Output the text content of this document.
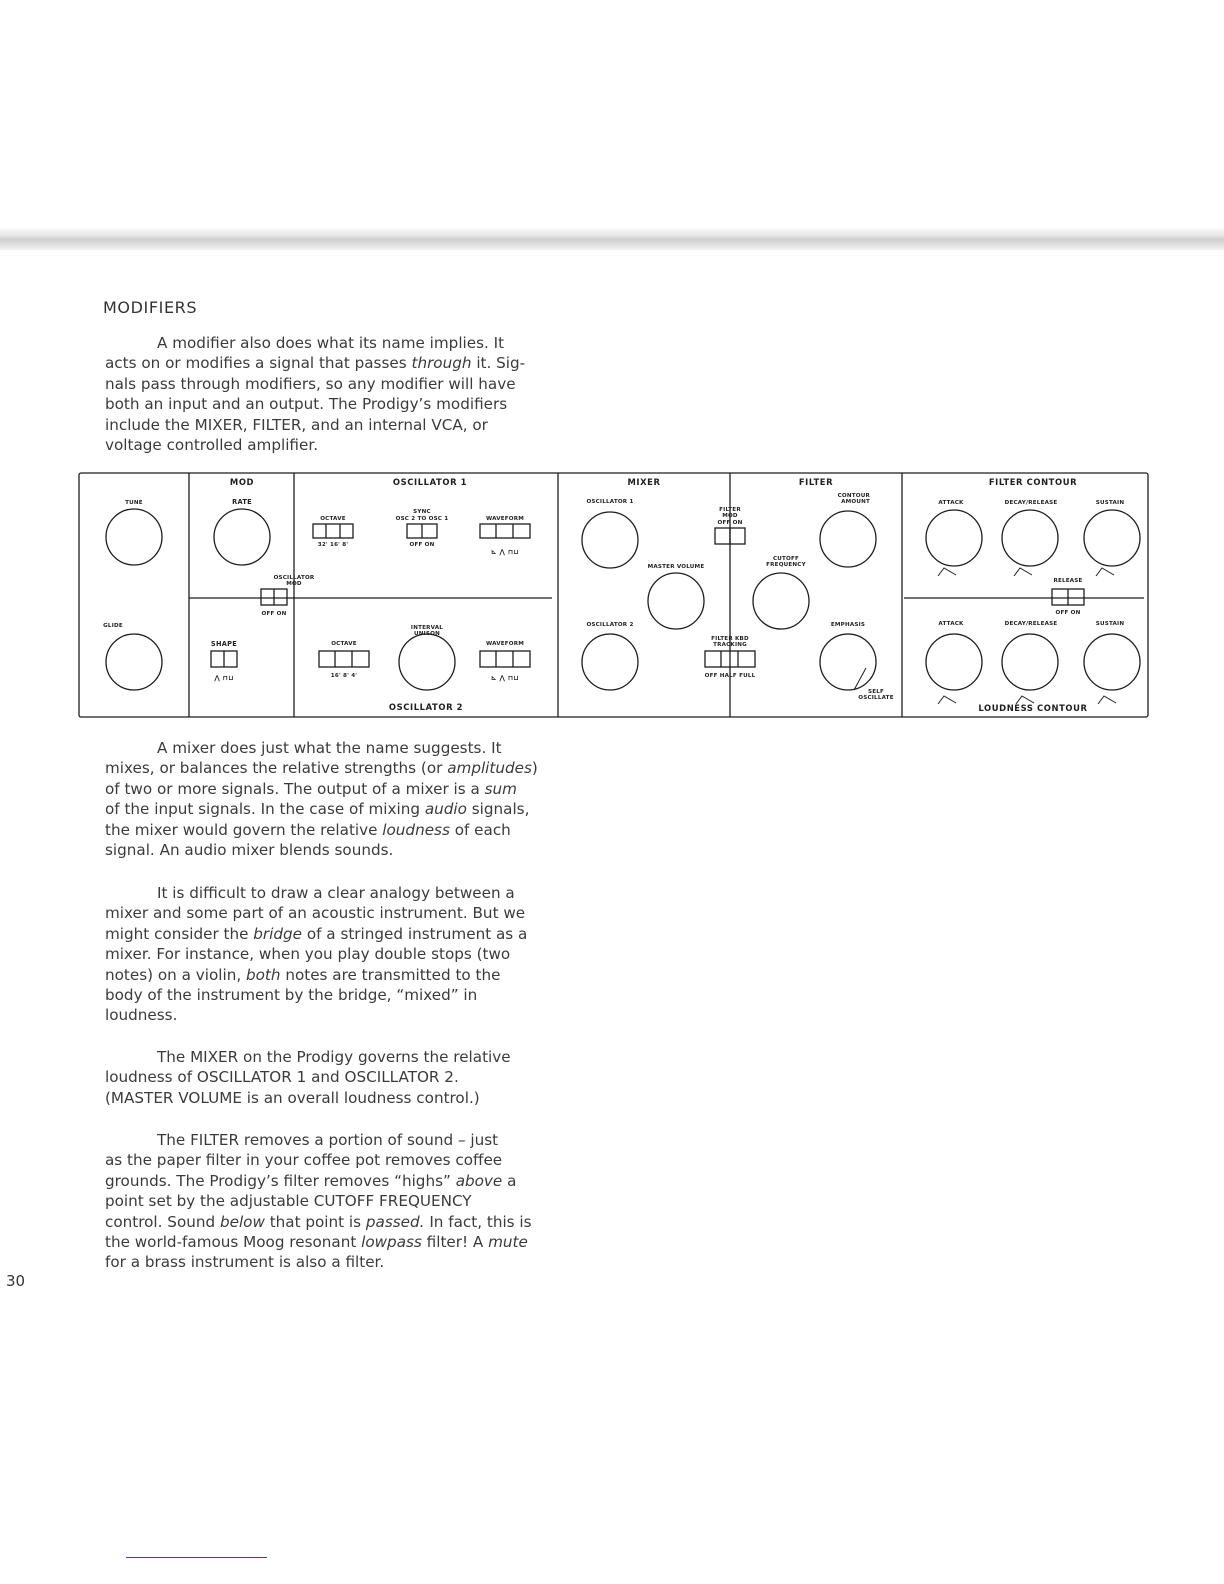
MODIFIERS
A modifier also does what its name implies. It
acts on or modifies a signal that passes through it. Sig-
nals pass through modifiers, so any modifier will have
both an input and an output. The Prodigy’s modifiers
include the MIXER, FILTER, and an internal VCA, or
voltage controlled amplifier.
MOD	OSCILLATOR 1	MIXER	FILTER	FILTER CONTOUR
OSCILLATOR 2	LOUDNESS CONTOUR
TUNE
GLIDE
RATE
OSCILLATOR
MOD
OFF ON
SHAPE
⋀ ⊓⊔
OCTAVE
32' 16' 8'
SYNC
OSC 2 TO OSC 1
OFF ON
WAVEFORM
⊾ ⋀ ⊓⊔
OCTAVE
16' 8' 4'
INTERVAL
UNISON
WAVEFORM
⊾ ⋀ ⊓⊔
OSCILLATOR 1
OSCILLATOR 2
MASTER VOLUME
FILTER
MOD
OFF ON
FILTER KBD
TRACKING
OFF HALF FULL
CONTOUR
AMOUNT
CUTOFF
FREQUENCY
EMPHASIS
SELF
OSCILLATE
ATTACK	DECAY/RELEASE	SUSTAIN
RELEASE
OFF ON
ATTACK	DECAY/RELEASE	SUSTAIN
A mixer does just what the name suggests. It
mixes, or balances the relative strengths (or amplitudes)
of two or more signals. The output of a mixer is a sum
of the input signals. In the case of mixing audio signals,
the mixer would govern the relative loudness of each
signal. An audio mixer blends sounds.
It is difficult to draw a clear analogy between a
mixer and some part of an acoustic instrument. But we
might consider the bridge of a stringed instrument as a
mixer. For instance, when you play double stops (two
notes) on a violin, both notes are transmitted to the
body of the instrument by the bridge, “mixed” in
loudness.
The MIXER on the Prodigy governs the relative
loudness of OSCILLATOR 1 and OSCILLATOR 2.
(MASTER VOLUME is an overall loudness control.)
The FILTER removes a portion of sound – just
as the paper filter in your coffee pot removes coffee
grounds. The Prodigy’s filter removes “highs” above a
point set by the adjustable CUTOFF FREQUENCY
control. Sound below that point is passed. In fact, this is
the world-famous Moog resonant lowpass filter! A mute
for a brass instrument is also a filter.
30
